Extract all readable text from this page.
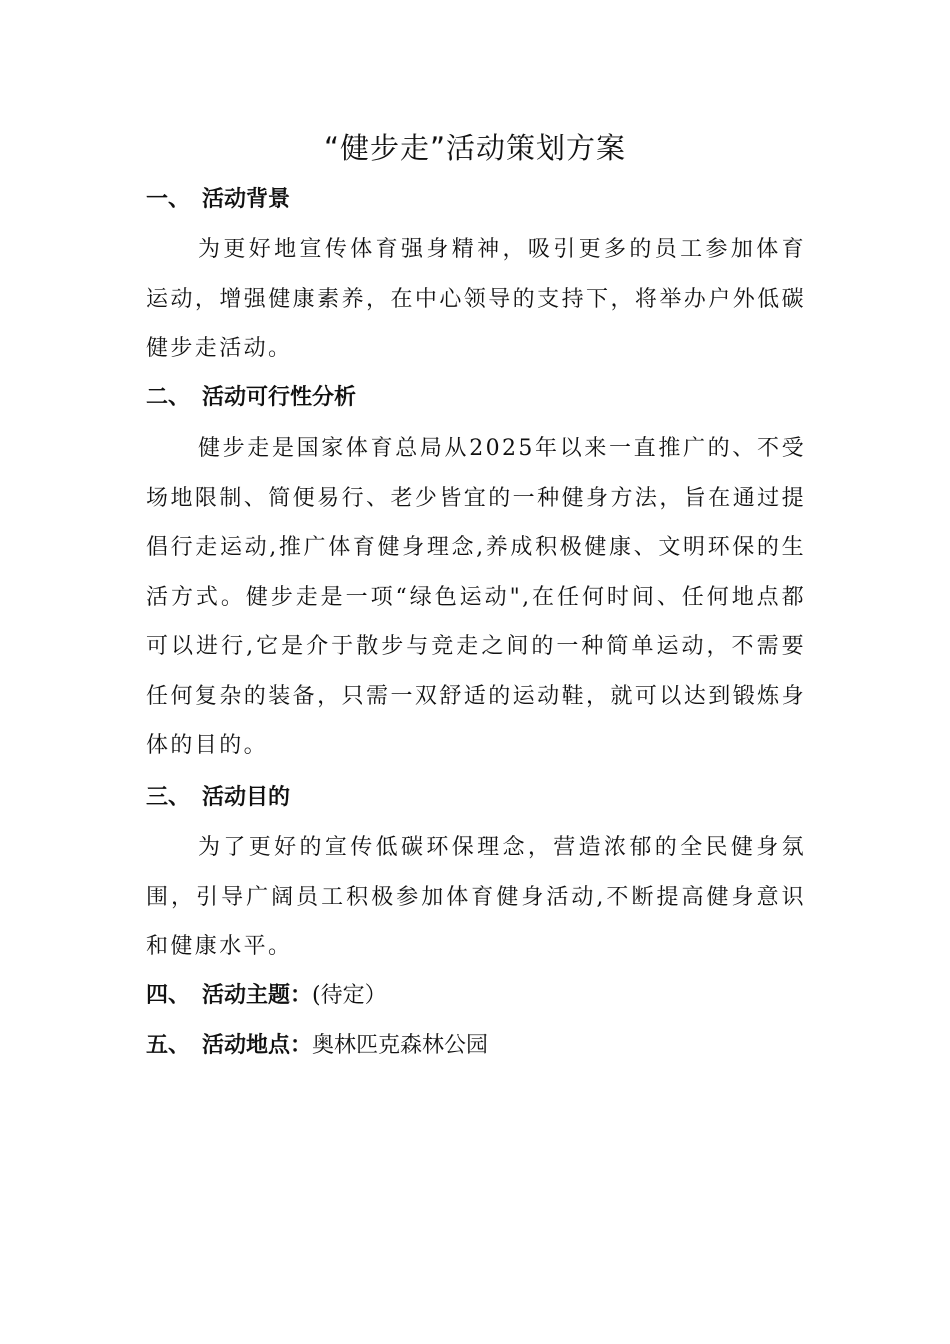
“健步走”活动策划方案
一、 活动背景

为更好地宣传体育强身精神，吸引更多的员工参加体育运动，增强健康素养，在中心领导的支持下，将举办户外低碳健步走活动。

二、 活动可行性分析

健步走是国家体育总局从2025年以来一直推广的、不受场地限制、简便易行、老少皆宜的一种健身方法，旨在通过提倡行走运动,推广体育健身理念,养成积极健康、文明环保的生活方式。健步走是一项“绿色运动",在任何时间、任何地点都可以进行,它是介于散步与竞走之间的一种简单运动，不需要任何复杂的装备，只需一双舒适的运动鞋，就可以达到锻炼身体的目的。

三、 活动目的

为了更好的宣传低碳环保理念，营造浓郁的全民健身氛围，引导广阔员工积极参加体育健身活动,不断提高健身意识和健康水平。

四、 活动主题：(待定）
五、 活动地点：奥林匹克森林公园
